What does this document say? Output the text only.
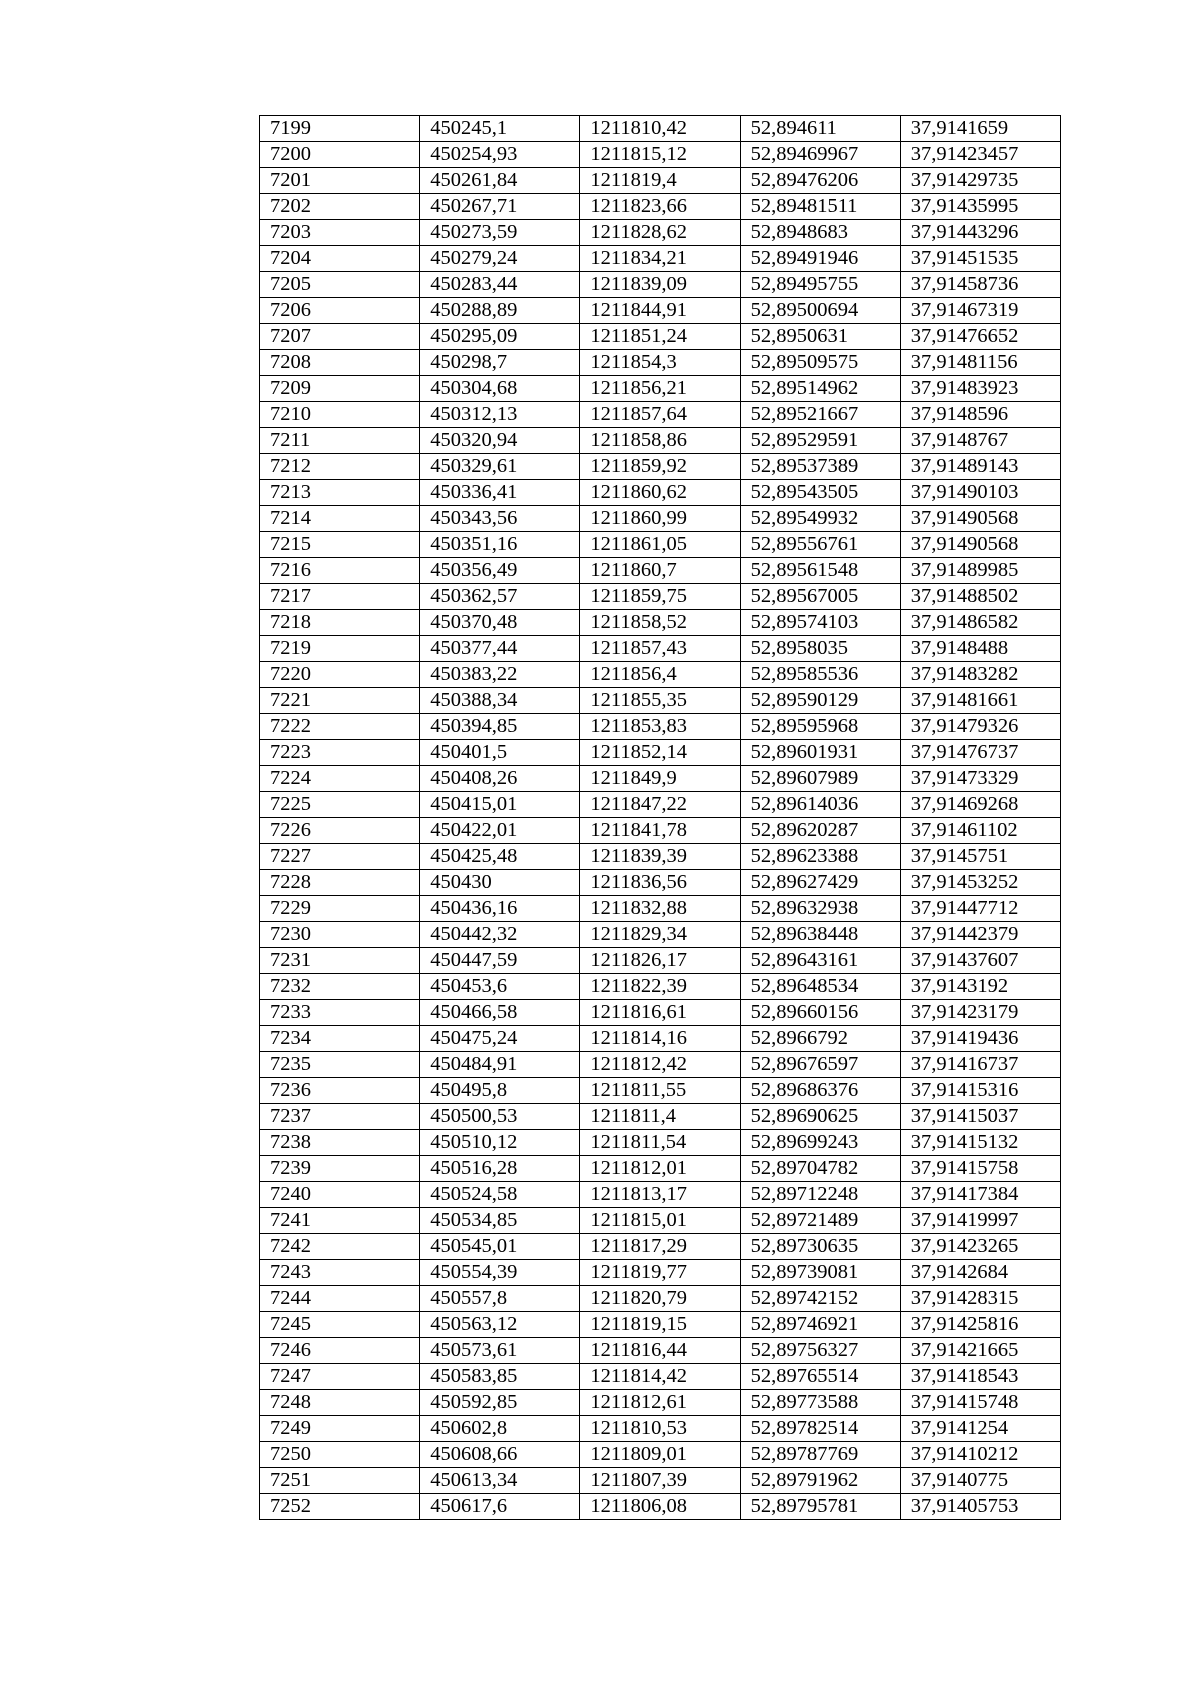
7199	450245,1	1211810,42	52,894611	37,9141659
7200	450254,93	1211815,12	52,89469967	37,91423457
7201	450261,84	1211819,4	52,89476206	37,91429735
7202	450267,71	1211823,66	52,89481511	37,91435995
7203	450273,59	1211828,62	52,8948683	37,91443296
7204	450279,24	1211834,21	52,89491946	37,91451535
7205	450283,44	1211839,09	52,89495755	37,91458736
7206	450288,89	1211844,91	52,89500694	37,91467319
7207	450295,09	1211851,24	52,8950631	37,91476652
7208	450298,7	1211854,3	52,89509575	37,91481156
7209	450304,68	1211856,21	52,89514962	37,91483923
7210	450312,13	1211857,64	52,89521667	37,9148596
7211	450320,94	1211858,86	52,89529591	37,9148767
7212	450329,61	1211859,92	52,89537389	37,91489143
7213	450336,41	1211860,62	52,89543505	37,91490103
7214	450343,56	1211860,99	52,89549932	37,91490568
7215	450351,16	1211861,05	52,89556761	37,91490568
7216	450356,49	1211860,7	52,89561548	37,91489985
7217	450362,57	1211859,75	52,89567005	37,91488502
7218	450370,48	1211858,52	52,89574103	37,91486582
7219	450377,44	1211857,43	52,8958035	37,9148488
7220	450383,22	1211856,4	52,89585536	37,91483282
7221	450388,34	1211855,35	52,89590129	37,91481661
7222	450394,85	1211853,83	52,89595968	37,91479326
7223	450401,5	1211852,14	52,89601931	37,91476737
7224	450408,26	1211849,9	52,89607989	37,91473329
7225	450415,01	1211847,22	52,89614036	37,91469268
7226	450422,01	1211841,78	52,89620287	37,91461102
7227	450425,48	1211839,39	52,89623388	37,9145751
7228	450430	1211836,56	52,89627429	37,91453252
7229	450436,16	1211832,88	52,89632938	37,91447712
7230	450442,32	1211829,34	52,89638448	37,91442379
7231	450447,59	1211826,17	52,89643161	37,91437607
7232	450453,6	1211822,39	52,89648534	37,9143192
7233	450466,58	1211816,61	52,89660156	37,91423179
7234	450475,24	1211814,16	52,8966792	37,91419436
7235	450484,91	1211812,42	52,89676597	37,91416737
7236	450495,8	1211811,55	52,89686376	37,91415316
7237	450500,53	1211811,4	52,89690625	37,91415037
7238	450510,12	1211811,54	52,89699243	37,91415132
7239	450516,28	1211812,01	52,89704782	37,91415758
7240	450524,58	1211813,17	52,89712248	37,91417384
7241	450534,85	1211815,01	52,89721489	37,91419997
7242	450545,01	1211817,29	52,89730635	37,91423265
7243	450554,39	1211819,77	52,89739081	37,9142684
7244	450557,8	1211820,79	52,89742152	37,91428315
7245	450563,12	1211819,15	52,89746921	37,91425816
7246	450573,61	1211816,44	52,89756327	37,91421665
7247	450583,85	1211814,42	52,89765514	37,91418543
7248	450592,85	1211812,61	52,89773588	37,91415748
7249	450602,8	1211810,53	52,89782514	37,9141254
7250	450608,66	1211809,01	52,89787769	37,91410212
7251	450613,34	1211807,39	52,89791962	37,9140775
7252	450617,6	1211806,08	52,89795781	37,91405753
